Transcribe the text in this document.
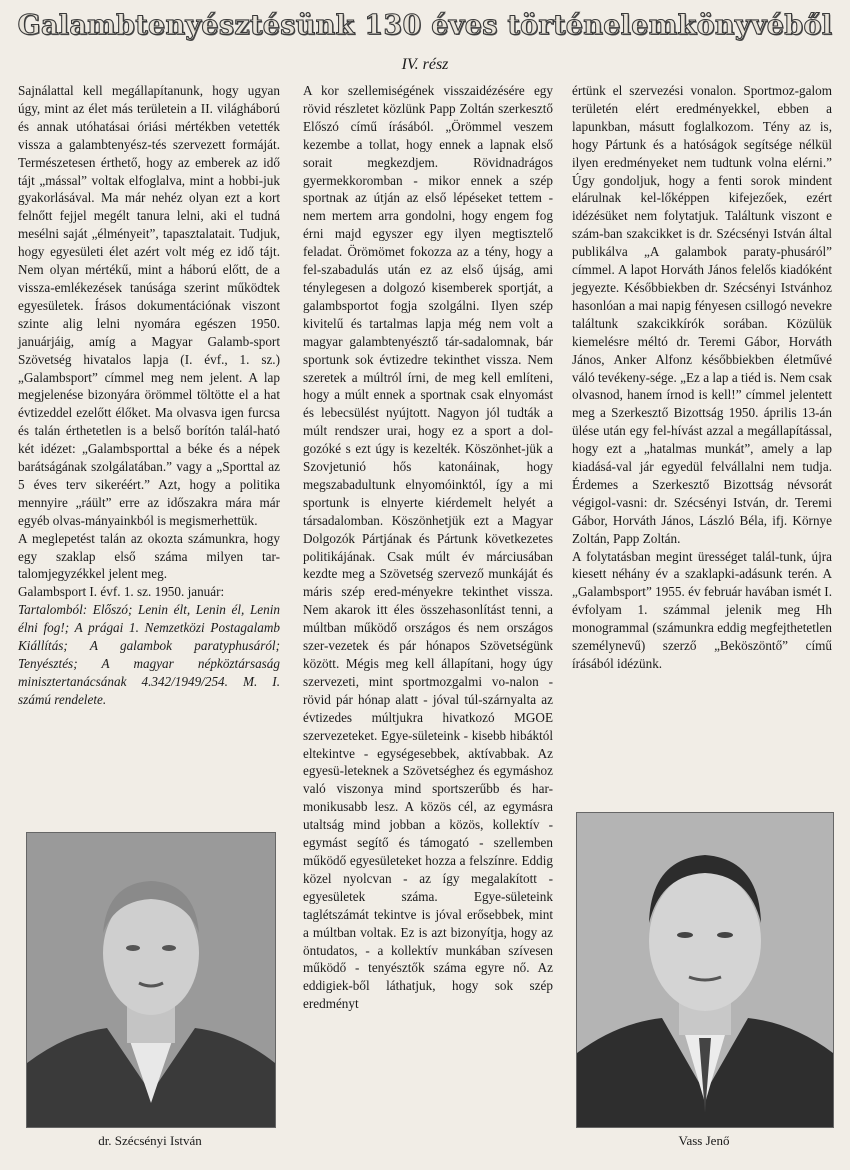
Galambtenyésztésünk 130 éves történelemkönyvéből
IV. rész

Sajnálattal kell megállapítanunk, hogy ugyan úgy, mint az élet más területein a II. világháború és annak utóhatásai óriási mértékben vetették vissza a galambtenyész-tés szervezett formáját. Természetesen érthető, hogy az emberek az idő tájt „mással” voltak elfoglalva, mint a hobbi-juk gyakorlásával. Ma már nehéz olyan ezt a kort felnőtt fejjel megélt tanura lelni, aki el tudná mesélni saját „élményeit”, tapasztalatait. Tudjuk, hogy egyesületi élet azért volt még ez idő tájt. Nem olyan mértékű, mint a háború előtt, de a vissza-emlékezések tanúsága szerint működtek egyesületek. Írásos dokumentációnak viszont szinte alig lelni nyomára egészen 1950. januárjáig, amíg a Magyar Galamb-sport Szövetség hivatalos lapja (I. évf., 1. sz.) „Galambsport” címmel meg nem jelent. A lap megjelenése bizonyára örömmel töltötte el a hat évtizeddel ezelőtt élőket. Ma olvasva igen furcsa és talán érthetetlen is a belső borítón talál-ható két idézet: „Galambsporttal a béke és a népek barátságának szolgálatában.” vagy a „Sporttal az 5 éves terv sikeréért.” Azt, hogy a politika mennyire „ráült” erre az időszakra mára már egyéb olvas-mányainkból is megismerhettük.

A meglepetést talán az okozta számunkra, hogy egy szaklap első száma milyen tar-talomjegyzékkel jelent meg.

Galambsport I. évf. 1. sz. 1950. január:

Tartalomból: Előszó; Lenin élt, Lenin él, Lenin élni fog!; A prágai 1. Nemzetközi Postagalamb Kiállítás; A galambok paratyphusáról; Tenyésztés; A magyar népköztársaság minisztertanácsának 4.342/1949/254. M. I. számú rendelete.

A kor szellemiségének visszaidézésére egy rövid részletet közlünk Papp Zoltán szerkesztő Előszó című írásából. „Örömmel veszem kezembe a tollat, hogy ennek a lapnak első sorait megkezdjem. Rövidnadrágos gyermekkoromban - mikor ennek a szép sportnak az útján az első lépéseket tettem - nem mertem arra gondolni, hogy engem fog érni majd egyszer egy ilyen megtisztelő feladat. Örömömet fokozza az a tény, hogy a fel-szabadulás után ez az első újság, ami ténylegesen a dolgozó kisemberek sportját, a galambsportot fogja szolgálni. Ilyen szép kivitelű és tartalmas lapja még nem volt a magyar galambtenyésztő tár-sadalomnak, bár sportunk sok évtizedre tekinthet vissza. Nem szeretek a múltról írni, de meg kell említeni, hogy a múlt ennek a sportnak csak elnyomást és lebecsülést nyújtott. Nagyon jól tudták a múlt rendszer urai, hogy ez a sport a dol-gozóké s ezt úgy is kezelték. Köszönhet-jük a Szovjetunió hős katonáinak, hogy megszabadultunk elnyomóinktól, így a mi sportunk is elnyerte kiérdemelt helyét a társadalomban. Köszönhetjük ezt a Magyar Dolgozók Pártjának és Pártunk következetes politikájának. Csak múlt év márciusában kezdte meg a Szövetség szervező munkáját és máris szép ered-ményekre tekinthet vissza. Nem akarok itt éles összehasonlítást tenni, a múltban működő országos és nem országos szer-vezetek és pár hónapos Szövetségünk között. Mégis meg kell állapítani, hogy úgy szervezeti, mint sportmozgalmi vo-nalon - rövid pár hónap alatt - jóval túl-szárnyalta az évtizedes múltjukra hivatkozó MGOE szervezeteket. Egye-sületeink - kisebb hibáktól eltekintve - egységesebbek, aktívabbak. Az egyesü-leteknek a Szövetséghez és egymáshoz való viszonya mind sportszerűbb és har-monikusabb lesz. A közös cél, az egymásra utaltság mind jobban a közös, kollektív - egymást segítő és támogató - szellemben működő egyesületeket hozza a felszínre. Eddig közel nyolcvan - az így megalakított - egyesületek száma. Egye-sületeink taglétszámát tekintve is jóval erősebbek, mint a múltban voltak. Ez is azt bizonyítja, hogy az öntudatos, - a kollektív munkában szívesen működő - tenyésztők száma egyre nő. Az eddigiek-ből láthatjuk, hogy sok szép eredményt

értünk el szervezési vonalon. Sportmoz-galom területén elért eredményekkel, ebben a lapunkban, másutt foglalkozom. Tény az is, hogy Pártunk és a hatóságok segítsége nélkül ilyen eredményeket nem tudtunk volna elérni.” Úgy gondoljuk, hogy a fenti sorok mindent elárulnak kel-lőképpen kifejezőek, ezért idézésüket nem folytatjuk. Találtunk viszont e szám-ban szakcikket is dr. Szécsényi István által publikálva „A galambok paraty-phusáról” címmel. A lapot Horváth János felelős kiadóként jegyezte. Későbbiekben dr. Szécsényi Istvánhoz hasonlóan a mai napig fényesen csillogó nevekre találtunk szakcikkírók sorában. Közülük kiemelésre méltó dr. Teremi Gábor, Horváth János, Anker Alfonz későbbiekben életművé váló tevékeny-sége. „Ez a lap a tiéd is. Nem csak olvasnod, hanem írnod is kell!” címmel jelentett meg a Szerkesztő Bizottság 1950. április 13-án ülése után egy fel-hívást azzal a megállapítással, hogy ezt a „hatalmas munkát”, amely a lap kiadásá-val jár egyedül felvállalni nem tudja. Érdemes a Szerkesztő Bizottság névsorát végigol-vasni: dr. Szécsényi István, dr. Teremi Gábor, Horváth János, László Béla, ifj. Környe Zoltán, Papp Zoltán.

A folytatásban megint ürességet talál-tunk, újra kiesett néhány év a szaklapki-adásunk terén. A „Galambsport” 1955. év február havában ismét I. évfolyam 1. számmal jelenik meg Hh monogrammal (számunkra eddig megfejthetetlen személynevű) szerző „Beköszöntő” című írásából idézünk.

dr. Szécsényi István	Vass Jenő
